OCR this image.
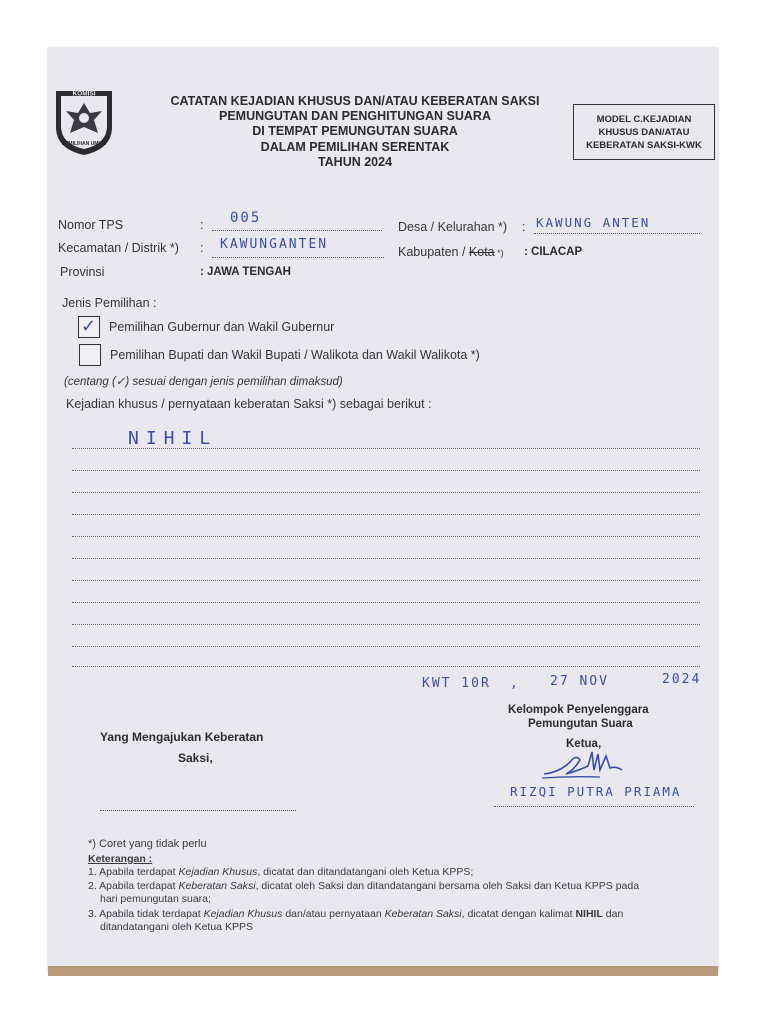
KOMISI
PEMILIHAN UMUM
CATATAN KEJADIAN KHUSUS DAN/ATAU KEBERATAN SAKSI
PEMUNGUTAN DAN PENGHITUNGAN SUARA
DI TEMPAT PEMUNGUTAN SUARA
DALAM PEMILIHAN SERENTAK
TAHUN 2024
MODEL C.KEJADIAN
KHUSUS DAN/ATAU
KEBERATAN SAKSI-KWK
Nomor TPS	: 005
Kecamatan / Distrik *) : KAWUNGANTEN
Provinsi	: JAWA TENGAH
Desa / Kelurahan *) : KAWUNG ANTEN
Kabupaten / Kota *) : CILACAP
Jenis Pemilihan :
✓ Pemilihan Gubernur dan Wakil Gubernur
Pemilihan Bupati dan Wakil Bupati / Walikota dan Wakil Walikota *)
(centang (✓) sesuai dengan jenis pemilihan dimaksud)
Kejadian khusus / pernyataan keberatan Saksi *) sebagai berikut :
NIHIL
KWT 10R , 27 NOV	2024
Yang Mengajukan Keberatan
Saksi,
Kelompok Penyelenggara
Pemungutan Suara
Ketua,
RIZQI PUTRA PRIAMA
*) Coret yang tidak perlu
Keterangan :
1. Apabila terdapat Kejadian Khusus, dicatat dan ditandatangani oleh Ketua KPPS;
2. Apabila terdapat Keberatan Saksi, dicatat oleh Saksi dan ditandatangani bersama oleh Saksi dan Ketua KPPS pada
hari pemungutan suara;
3. Apabila tidak terdapat Kejadian Khusus dan/atau pernyataan Keberatan Saksi, dicatat dengan kalimat NIHIL dan
ditandatangani oleh Ketua KPPS
